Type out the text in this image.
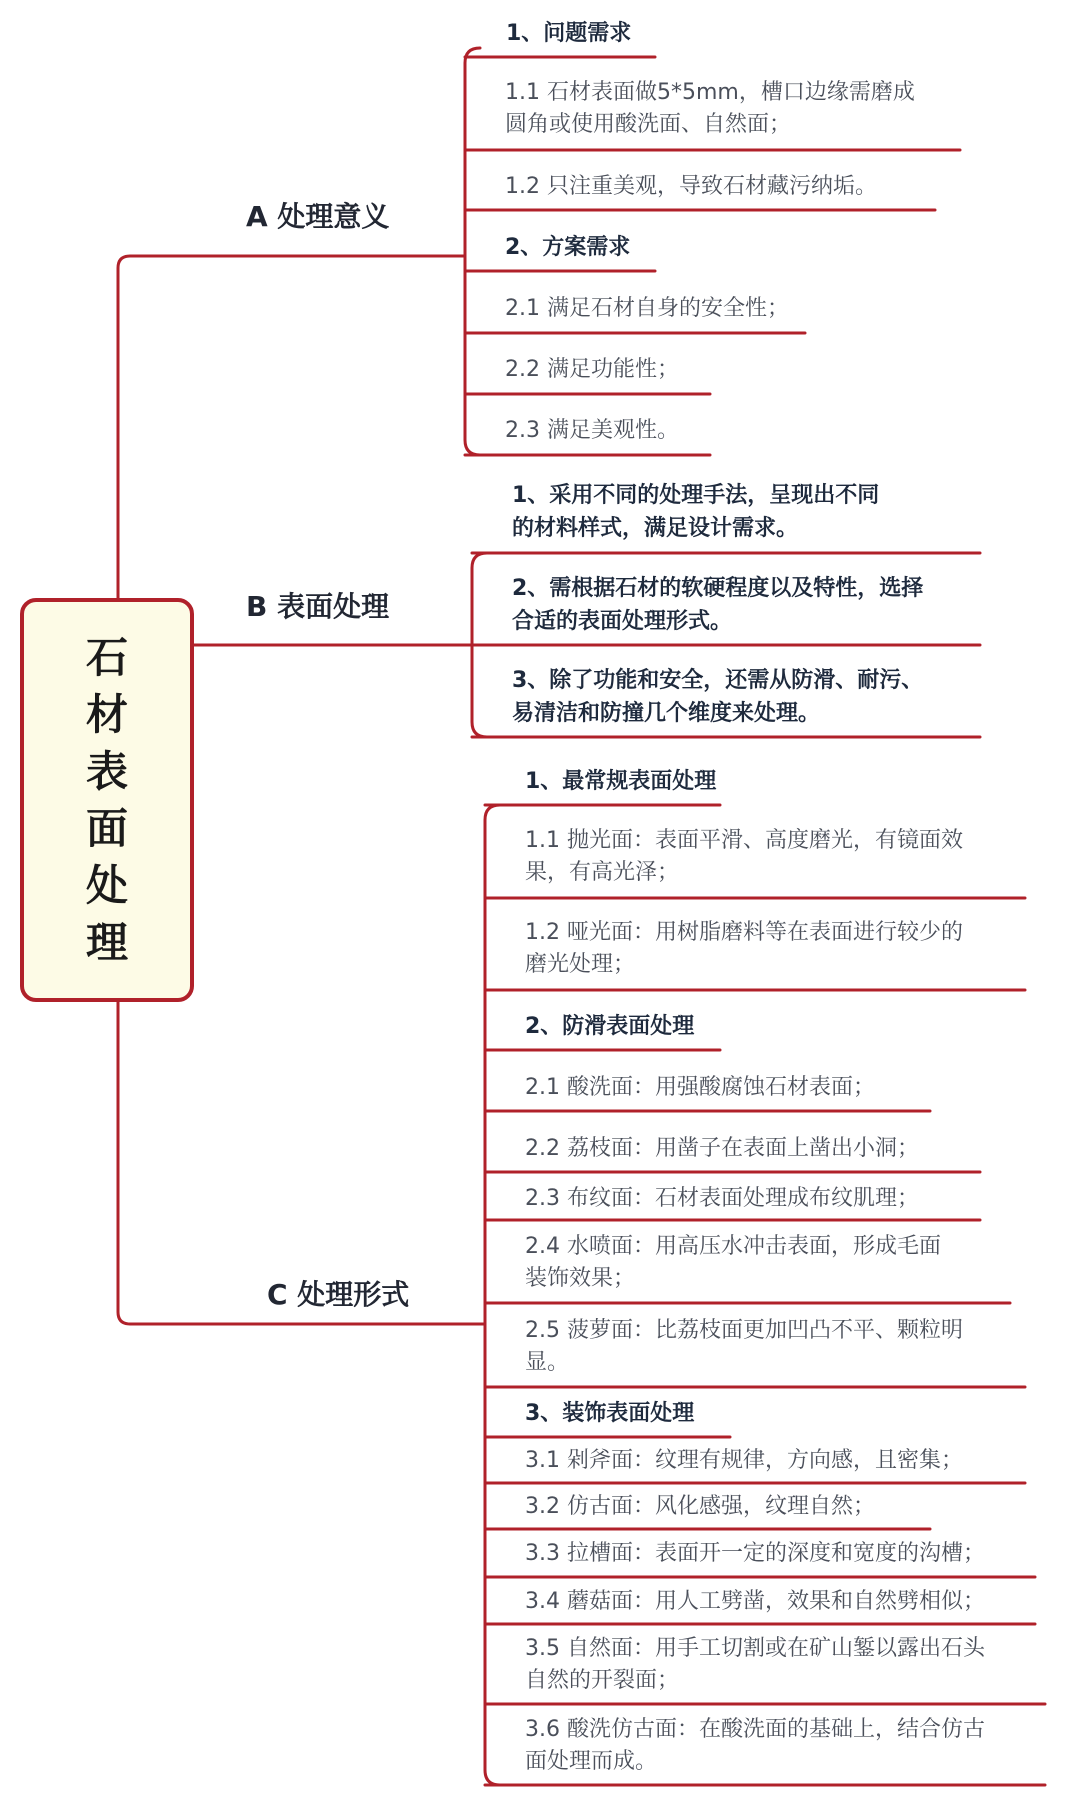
石材表面处理
A 处理意义
B 表面处理
C 处理形式
1、问题需求
1.1 石材表面做5*5mm，槽口边缘需磨成
圆角或使用酸洗面、自然面；
1.2 只注重美观，导致石材藏污纳垢。
2、方案需求
2.1 满足石材自身的安全性；
2.2 满足功能性；
2.3 满足美观性。
1、采用不同的处理手法，呈现出不同
的材料样式，满足设计需求。
2、需根据石材的软硬程度以及特性，选择
合适的表面处理形式。
3、除了功能和安全，还需从防滑、耐污、
易清洁和防撞几个维度来处理。
1、最常规表面处理
1.1 抛光面：表面平滑、高度磨光，有镜面效
果，有高光泽；
1.2 哑光面：用树脂磨料等在表面进行较少的
磨光处理；
2、防滑表面处理
2.1 酸洗面：用强酸腐蚀石材表面；
2.2 荔枝面：用凿子在表面上凿出小洞；
2.3 布纹面：石材表面处理成布纹肌理；
2.4 水喷面：用高压水冲击表面，形成毛面
装饰效果；
2.5 菠萝面：比荔枝面更加凹凸不平、颗粒明
显。
3、装饰表面处理
3.1 剁斧面：纹理有规律，方向感，且密集；
3.2 仿古面：风化感强，纹理自然；
3.3 拉槽面：表面开一定的深度和宽度的沟槽；
3.4 蘑菇面：用人工劈凿，效果和自然劈相似；
3.5 自然面：用手工切割或在矿山錾以露出石头
自然的开裂面；
3.6 酸洗仿古面：在酸洗面的基础上，结合仿古
面处理而成。
